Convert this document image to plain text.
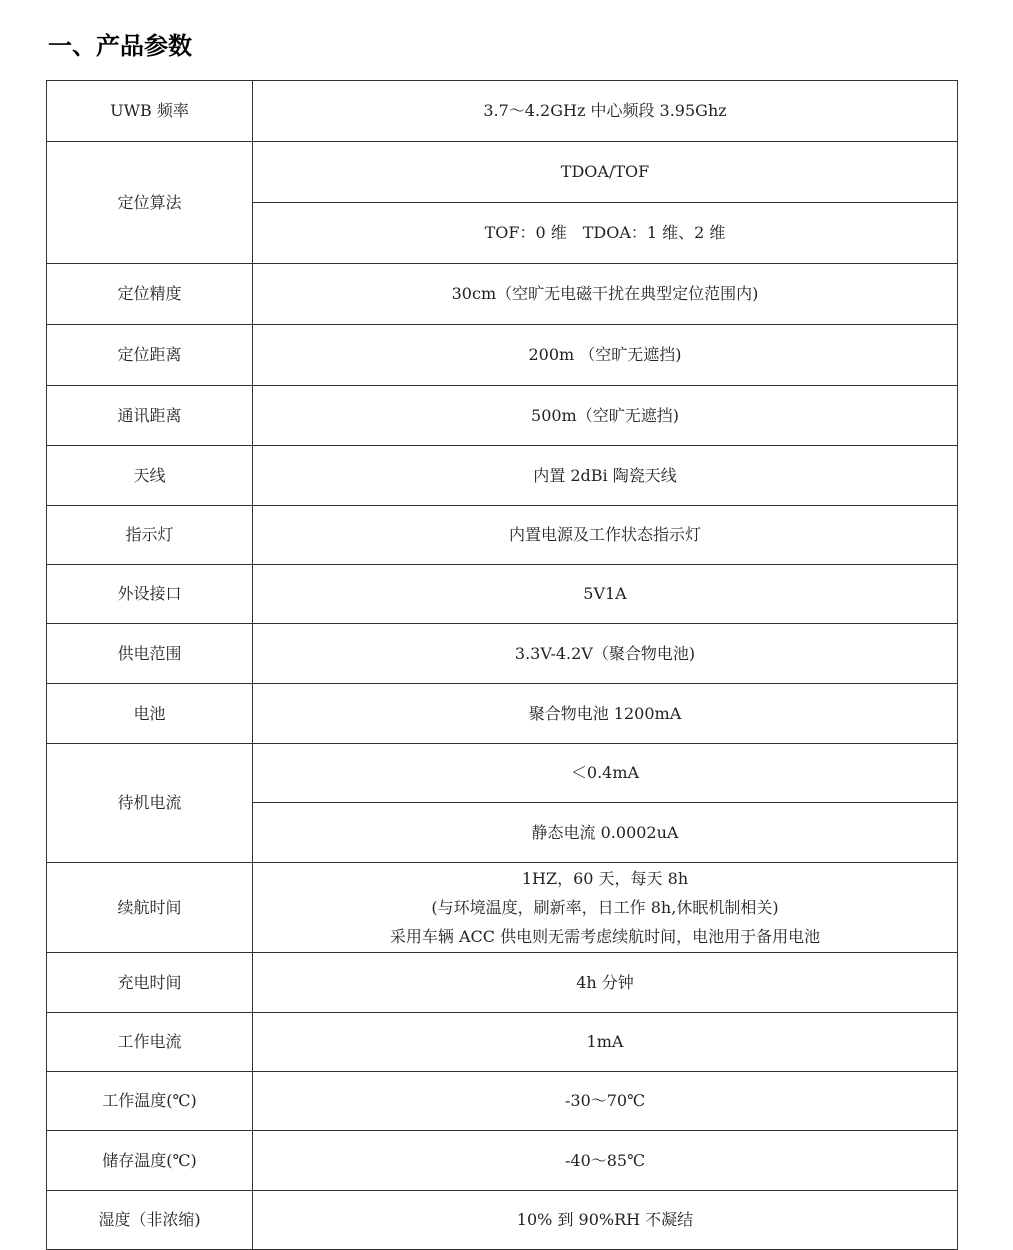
一、产品参数
UWB 频率	3.7～4.2GHz 中心频段 3.95Ghz
定位算法	TDOA/TOF
	TOF：0 维　TDOA：1 维、2 维
定位精度	30cm（空旷无电磁干扰在典型定位范围内)
定位距离	200m （空旷无遮挡)
通讯距离	500m（空旷无遮挡)
天线	内置 2dBi 陶瓷天线
指示灯	内置电源及工作状态指示灯
外设接口	5V1A
供电范围	3.3V-4.2V（聚合物电池)
电池	聚合物电池 1200mA
待机电流	＜0.4mA
	静态电流 0.0002uA
续航时间	1HZ，60 天，每天 8h
(与环境温度，刷新率，日工作 8h,休眠机制相关)
采用车辆 ACC 供电则无需考虑续航时间，电池用于备用电池

充电时间	4h 分钟
工作电流	1mA
工作温度(℃)	-30～70℃
储存温度(℃)	-40～85℃
湿度（非浓缩)	10% 到 90%RH 不凝结
